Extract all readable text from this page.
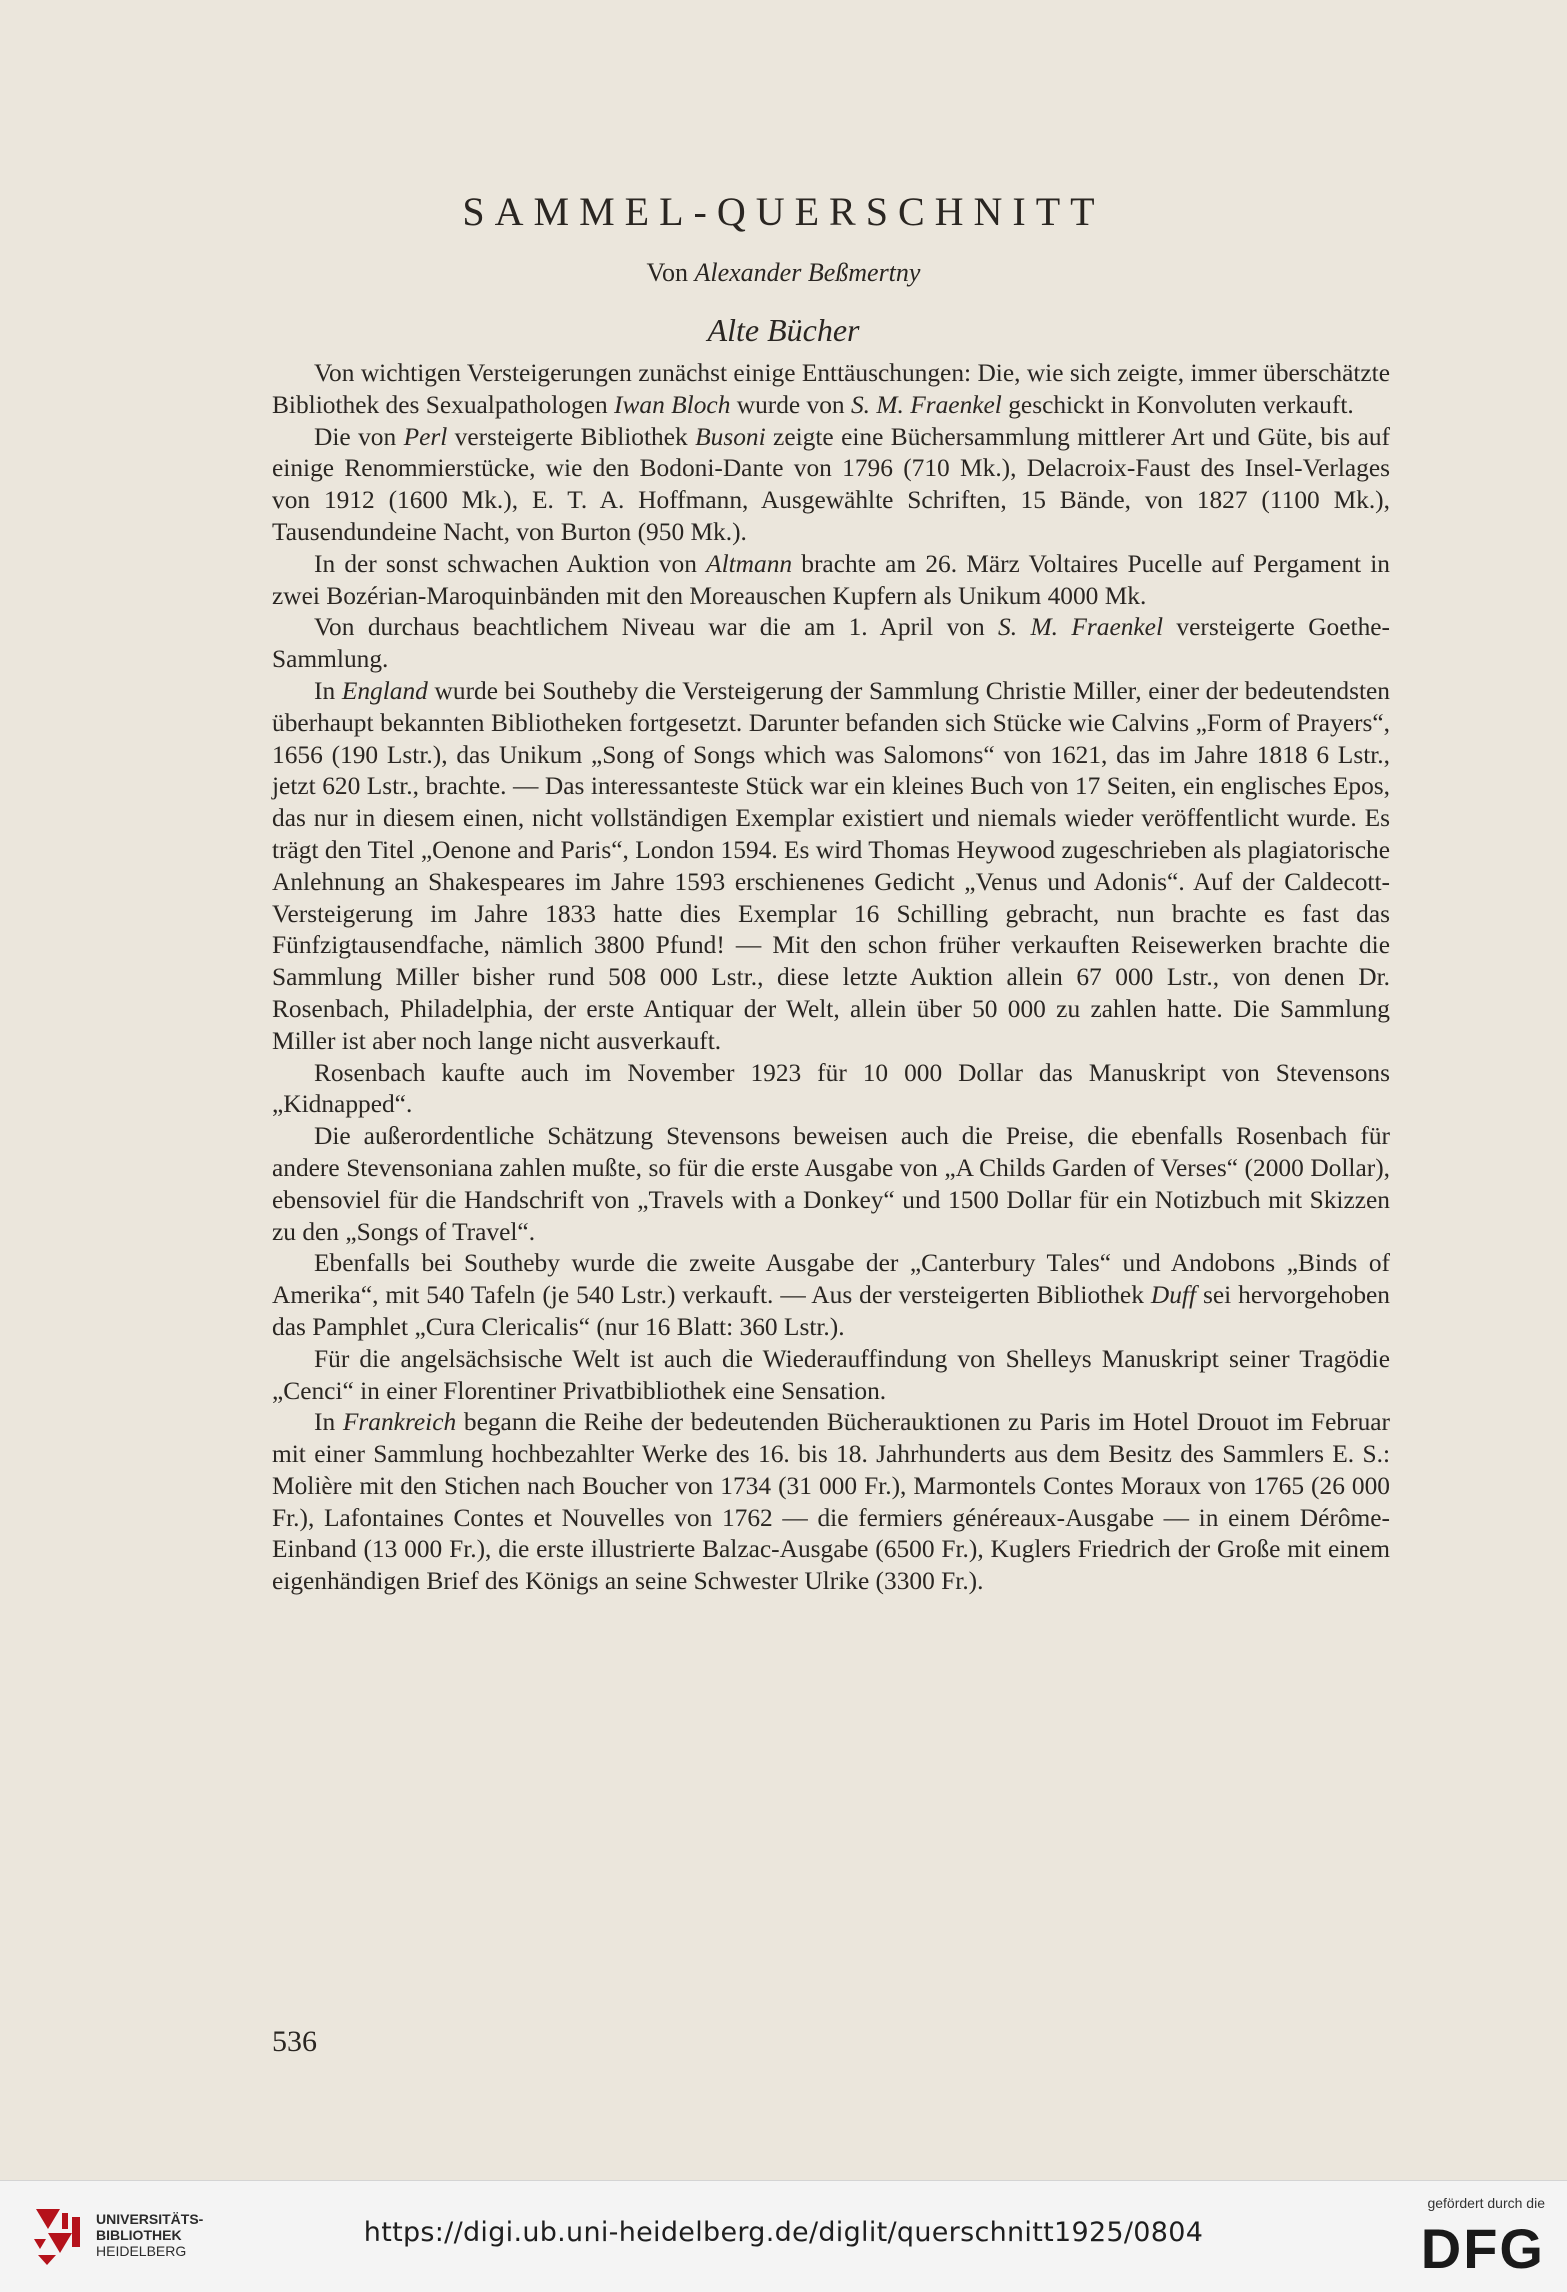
SAMMEL-QUERSCHNITT
Von Alexander Beßmertny
Alte Bücher

Von wichtigen Versteigerungen zunächst einige Enttäuschungen: Die, wie sich zeigte, immer überschätzte Bibliothek des Sexualpathologen Iwan Bloch wurde von S. M. Fraenkel geschickt in Konvoluten verkauft.

Die von Perl versteigerte Bibliothek Busoni zeigte eine Büchersammlung mittlerer Art und Güte, bis auf einige Renommierstücke, wie den Bodoni-Dante von 1796 (710 Mk.), Delacroix-Faust des Insel-Verlages von 1912 (1600 Mk.), E. T. A. Hoffmann, Ausgewählte Schriften, 15 Bände, von 1827 (1100 Mk.), Tausendundeine Nacht, von Burton (950 Mk.).

In der sonst schwachen Auktion von Altmann brachte am 26. März Voltaires Pucelle auf Pergament in zwei Bozérian-Maroquinbänden mit den Moreauschen Kupfern als Unikum 4000 Mk.

Von durchaus beachtlichem Niveau war die am 1. April von S. M. Fraenkel versteigerte Goethe-Sammlung.

In England wurde bei Southeby die Versteigerung der Sammlung Christie Miller, einer der bedeutendsten überhaupt bekannten Bibliotheken fortgesetzt. Darunter befanden sich Stücke wie Calvins „Form of Prayers“, 1656 (190 Lstr.), das Unikum „Song of Songs which was Salomons“ von 1621, das im Jahre 1818 6 Lstr., jetzt 620 Lstr., brachte. — Das interessanteste Stück war ein kleines Buch von 17 Seiten, ein englisches Epos, das nur in diesem einen, nicht vollständigen Exemplar existiert und niemals wieder veröffentlicht wurde. Es trägt den Titel „Oenone and Paris“, London 1594. Es wird Thomas Heywood zugeschrieben als plagiatorische Anlehnung an Shakespeares im Jahre 1593 erschienenes Gedicht „Venus und Adonis“. Auf der Caldecott-Versteigerung im Jahre 1833 hatte dies Exemplar 16 Schilling gebracht, nun brachte es fast das Fünfzigtausendfache, nämlich 3800 Pfund! — Mit den schon früher verkauften Reisewerken brachte die Sammlung Miller bisher rund 508 000 Lstr., diese letzte Auktion allein 67 000 Lstr., von denen Dr. Rosenbach, Philadelphia, der erste Antiquar der Welt, allein über 50 000 zu zahlen hatte. Die Sammlung Miller ist aber noch lange nicht ausverkauft.

Rosenbach kaufte auch im November 1923 für 10 000 Dollar das Manuskript von Stevensons „Kidnapped“.

Die außerordentliche Schätzung Stevensons beweisen auch die Preise, die ebenfalls Rosenbach für andere Stevensoniana zahlen mußte, so für die erste Ausgabe von „A Childs Garden of Verses“ (2000 Dollar), ebensoviel für die Handschrift von „Travels with a Donkey“ und 1500 Dollar für ein Notizbuch mit Skizzen zu den „Songs of Travel“.

Ebenfalls bei Southeby wurde die zweite Ausgabe der „Canterbury Tales“ und Andobons „Binds of Amerika“, mit 540 Tafeln (je 540 Lstr.) verkauft. — Aus der versteigerten Bibliothek Duff sei hervorgehoben das Pamphlet „Cura Clericalis“ (nur 16 Blatt: 360 Lstr.).

Für die angelsächsische Welt ist auch die Wiederauffindung von Shelleys Manuskript seiner Tragödie „Cenci“ in einer Florentiner Privatbibliothek eine Sensation.

In Frankreich begann die Reihe der bedeutenden Bücherauktionen zu Paris im Hotel Drouot im Februar mit einer Sammlung hochbezahlter Werke des 16. bis 18. Jahrhunderts aus dem Besitz des Sammlers E. S.: Molière mit den Stichen nach Boucher von 1734 (31 000 Fr.), Marmontels Contes Moraux von 1765 (26 000 Fr.), Lafontaines Contes et Nouvelles von 1762 — die fermiers généreaux-Ausgabe — in einem Dérôme-Einband (13 000 Fr.), die erste illustrierte Balzac-Ausgabe (6500 Fr.), Kuglers Friedrich der Große mit einem eigenhändigen Brief des Königs an seine Schwester Ulrike (3300 Fr.).

536
UNIVERSITÄTS-
BIBLIOTHEK
HEIDELBERG
https://digi.ub.uni-heidelberg.de/diglit/querschnitt1925/0804
gefördert durch die
DFG
